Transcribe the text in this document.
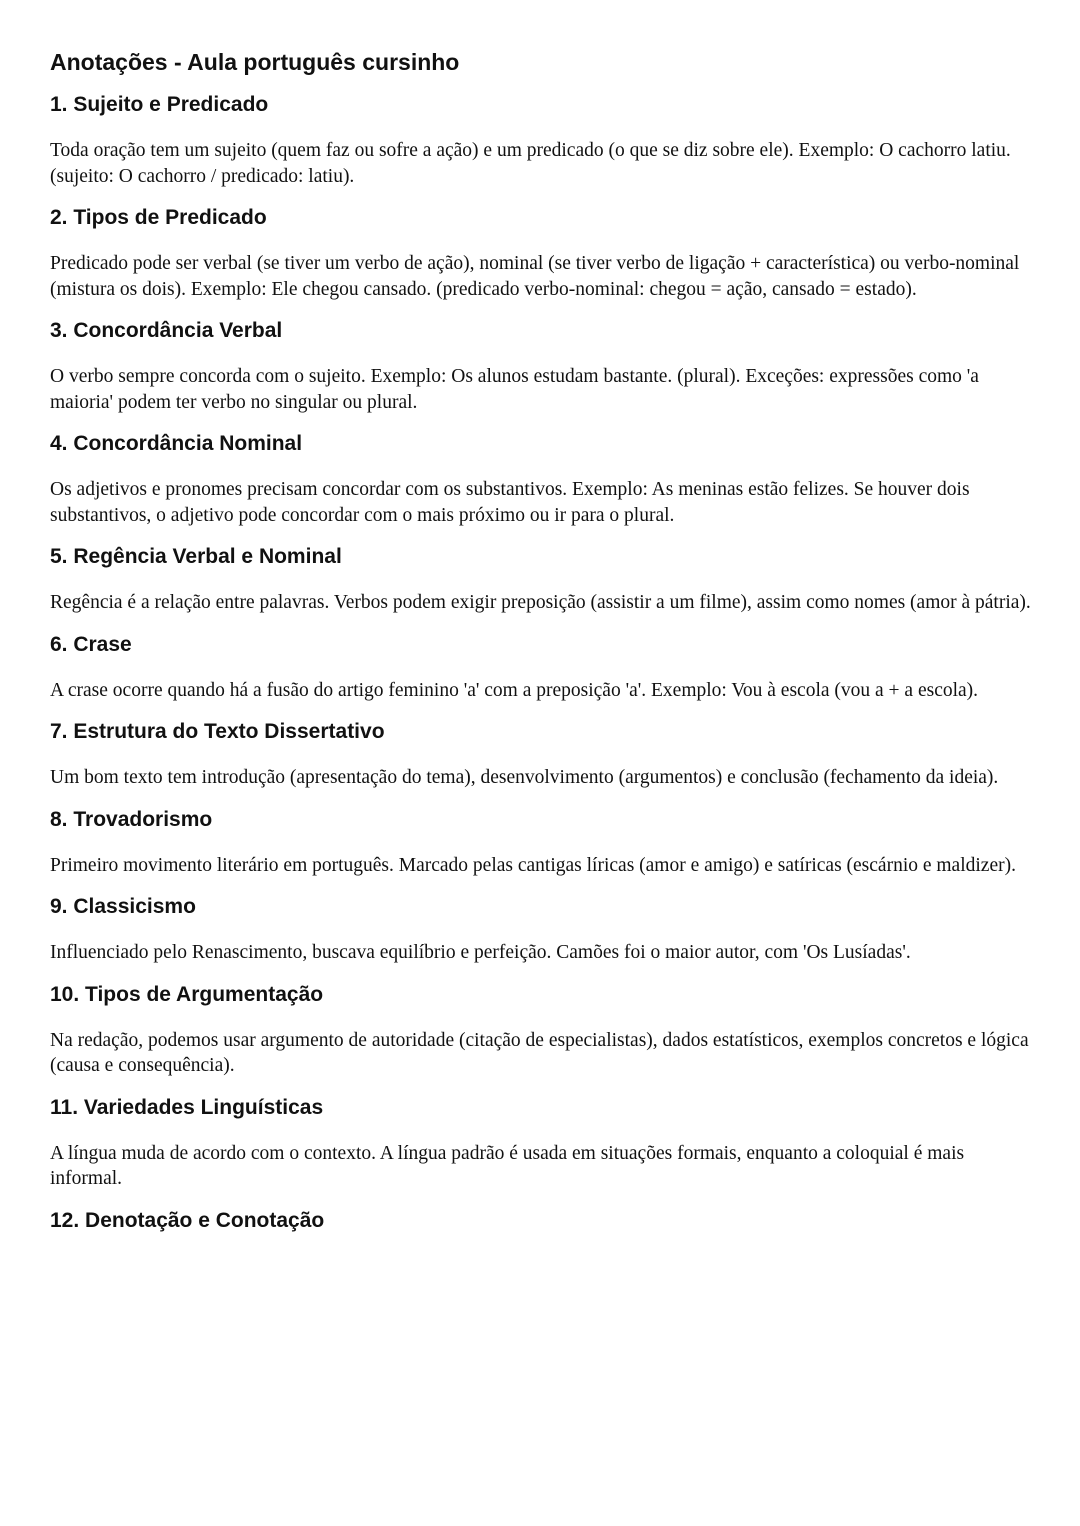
Anotações - Aula português cursinho
1. Sujeito e Predicado

Toda oração tem um sujeito (quem faz ou sofre a ação) e um predicado (o que se diz sobre ele). Exemplo: O cachorro latiu. (sujeito: O cachorro / predicado: latiu).

2. Tipos de Predicado

Predicado pode ser verbal (se tiver um verbo de ação), nominal (se tiver verbo de ligação + característica) ou verbo-nominal (mistura os dois). Exemplo: Ele chegou cansado. (predicado verbo-nominal: chegou = ação, cansado = estado).

3. Concordância Verbal

O verbo sempre concorda com o sujeito. Exemplo: Os alunos estudam bastante. (plural). Exceções: expressões como 'a maioria' podem ter verbo no singular ou plural.

4. Concordância Nominal

Os adjetivos e pronomes precisam concordar com os substantivos. Exemplo: As meninas estão felizes. Se houver dois substantivos, o adjetivo pode concordar com o mais próximo ou ir para o plural.

5. Regência Verbal e Nominal

Regência é a relação entre palavras. Verbos podem exigir preposição (assistir a um filme), assim como nomes (amor à pátria).

6. Crase

A crase ocorre quando há a fusão do artigo feminino 'a' com a preposição 'a'. Exemplo: Vou à escola (vou a + a escola).

7. Estrutura do Texto Dissertativo

Um bom texto tem introdução (apresentação do tema), desenvolvimento (argumentos) e conclusão (fechamento da ideia).

8. Trovadorismo

Primeiro movimento literário em português. Marcado pelas cantigas líricas (amor e amigo) e satíricas (escárnio e maldizer).

9. Classicismo

Influenciado pelo Renascimento, buscava equilíbrio e perfeição. Camões foi o maior autor, com 'Os Lusíadas'.

10. Tipos de Argumentação

Na redação, podemos usar argumento de autoridade (citação de especialistas), dados estatísticos, exemplos concretos e lógica (causa e consequência).

11. Variedades Linguísticas

A língua muda de acordo com o contexto. A língua padrão é usada em situações formais, enquanto a coloquial é mais informal.

12. Denotação e Conotação
